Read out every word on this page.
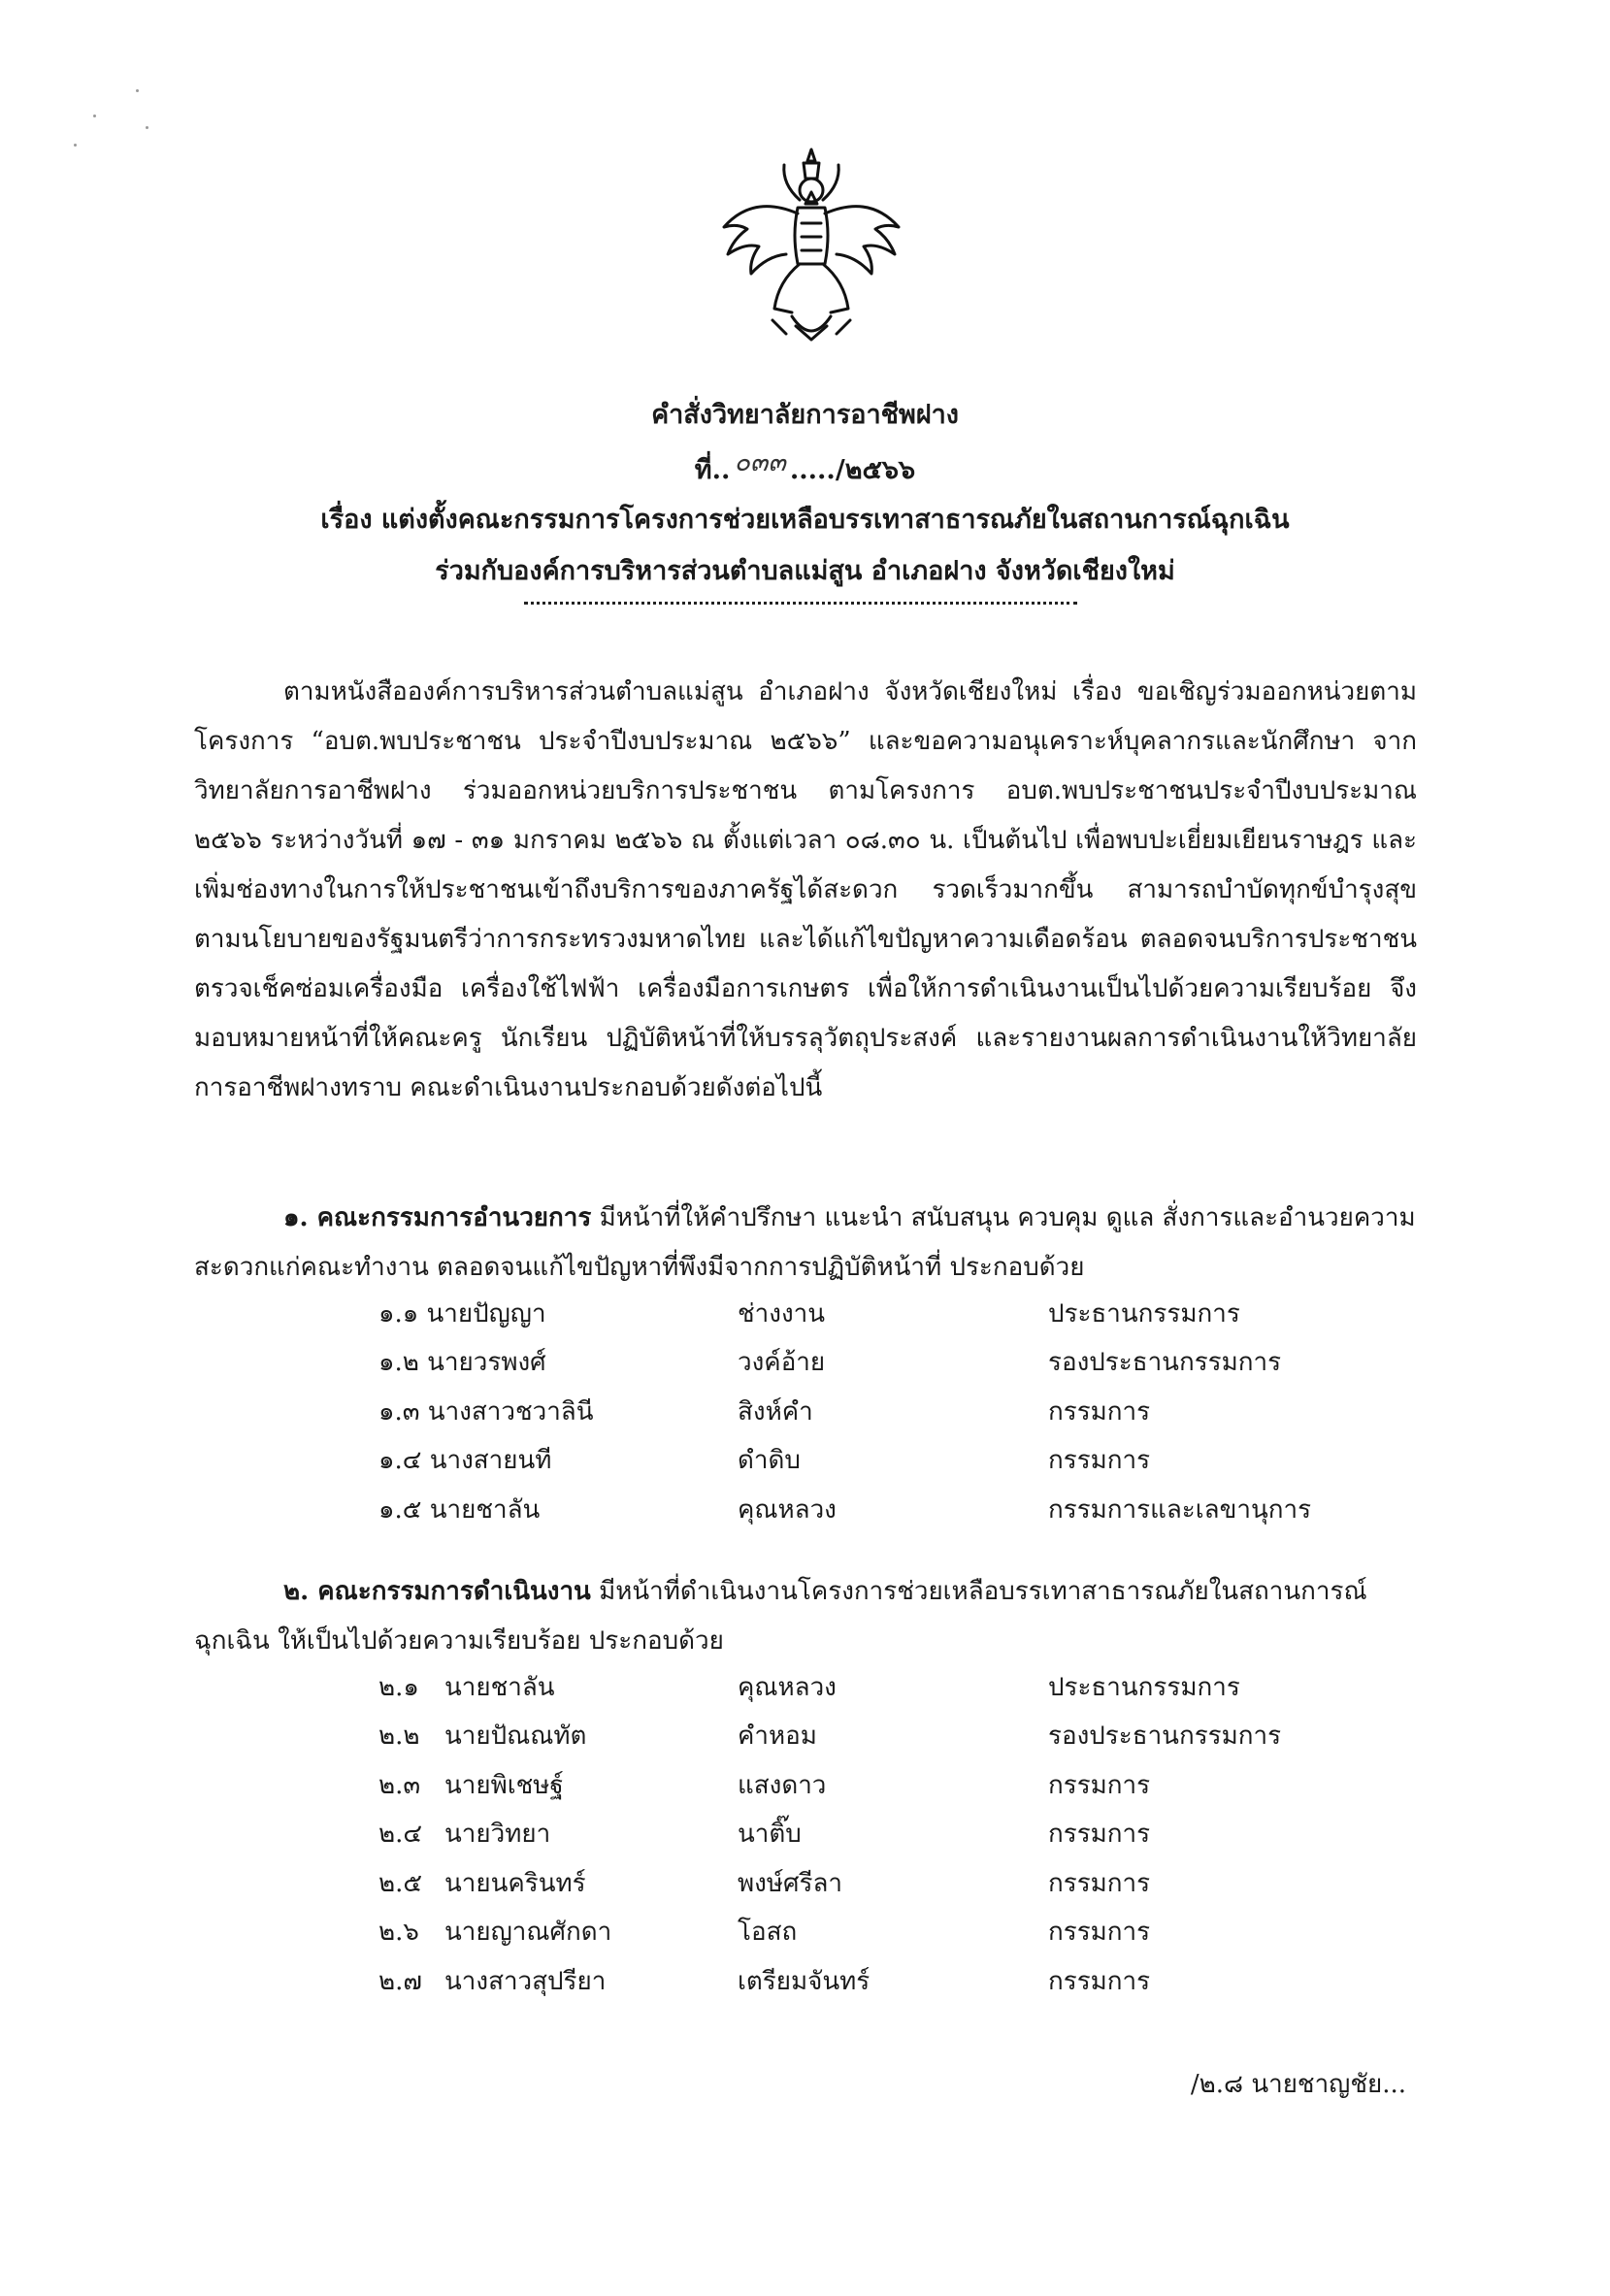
คำสั่งวิทยาลัยการอาชีพฝาง
ที่.. ๐๓๓ ...../๒๕๖๖
เรื่อง แต่งตั้งคณะกรรมการโครงการช่วยเหลือบรรเทาสาธารณภัยในสถานการณ์ฉุกเฉิน
ร่วมกับองค์การบริหารส่วนตำบลแม่สูน อำเภอฝาง จังหวัดเชียงใหม่

ตามหนังสือองค์การบริหารส่วนตำบลแม่สูน อำเภอฝาง จังหวัดเชียงใหม่ เรื่อง ขอเชิญร่วมออกหน่วยตามโครงการ “อบต.พบประชาชน ประจำปีงบประมาณ ๒๕๖๖” และขอความอนุเคราะห์บุคลากรและนักศึกษา จากวิทยาลัยการอาชีพฝาง ร่วมออกหน่วยบริการประชาชน ตามโครงการ อบต.พบประชาชนประจำปีงบประมาณ ๒๕๖๖ ระหว่างวันที่ ๑๗ - ๓๑ มกราคม ๒๕๖๖ ณ ตั้งแต่เวลา ๐๘.๓๐ น. เป็นต้นไป เพื่อพบปะเยี่ยมเยียนราษฎร และเพิ่มช่องทางในการให้ประชาชนเข้าถึงบริการของภาครัฐได้สะดวก รวดเร็วมากขึ้น สามารถบำบัดทุกข์บำรุงสุข ตามนโยบายของรัฐมนตรีว่าการกระทรวงมหาดไทย และได้แก้ไขปัญหาความเดือดร้อน ตลอดจนบริการประชาชน ตรวจเช็คซ่อมเครื่องมือ เครื่องใช้ไฟฟ้า เครื่องมือการเกษตร เพื่อให้การดำเนินงานเป็นไปด้วยความเรียบร้อย จึงมอบหมายหน้าที่ให้คณะครู นักเรียน ปฏิบัติหน้าที่ให้บรรลุวัตถุประสงค์ และรายงานผลการดำเนินงานให้วิทยาลัยการอาชีพฝางทราบ คณะดำเนินงานประกอบด้วยดังต่อไปนี้

๑. คณะกรรมการอำนวยการ มีหน้าที่ให้คำปรึกษา แนะนำ สนับสนุน ควบคุม ดูแล สั่งการและอำนวยความสะดวกแก่คณะทำงาน ตลอดจนแก้ไขปัญหาที่พึงมีจากการปฏิบัติหน้าที่ ประกอบด้วย

๑.๑ นายปัญญา	ช่างงาน	ประธานกรรมการ
๑.๒ นายวรพงศ์	วงค์อ้าย	รองประธานกรรมการ
๑.๓ นางสาวชวาลินี	สิงห์คำ	กรรมการ
๑.๔ นางสายนที	ดำดิบ	กรรมการ
๑.๕ นายชาลัน	คุณหลวง	กรรมการและเลขานุการ

๒. คณะกรรมการดำเนินงาน มีหน้าที่ดำเนินงานโครงการช่วยเหลือบรรเทาสาธารณภัยในสถานการณ์ฉุกเฉิน ให้เป็นไปด้วยความเรียบร้อย ประกอบด้วย

๒.๑ นายชาลัน	คุณหลวง	ประธานกรรมการ
๒.๒ นายปัณณทัต	คำหอม	รองประธานกรรมการ
๒.๓ นายพิเชษฐ์	แสงดาว	กรรมการ
๒.๔ นายวิทยา	นาติ๊บ	กรรมการ
๒.๕ นายนครินทร์	พงษ์ศรีลา	กรรมการ
๒.๖ นายญาณศักดา	โอสถ	กรรมการ
๒.๗ นางสาวสุปรียา	เตรียมจันทร์	กรรมการ
/๒.๘ นายชาญชัย...
